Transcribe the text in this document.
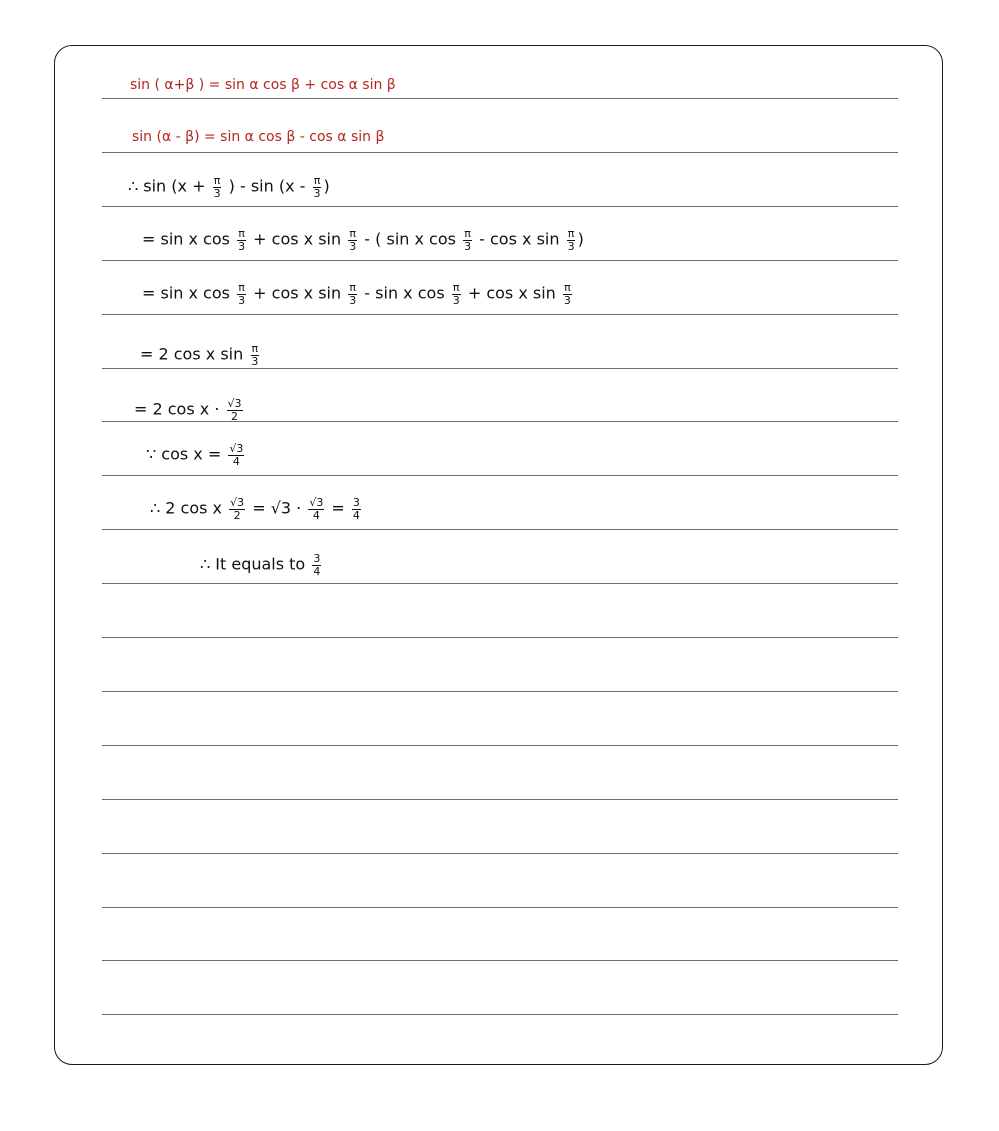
sin ( α+β ) = sin α cos β + cos α sin β
sin (α - β) = sin α cos β - cos α sin β
∴ $\sin (x + \frac{\pi}{3}$ ) - $\sin (x - \frac{\pi}{3}$ )
= sin x $\cos \frac{\pi}{3} + \cos x$ $\sin \frac{\pi}{3}$ - ( sin x $\cos \frac{\pi}{3}$ - cos x $\sin \frac{\pi}{3}$ )
= sin x $\cos \frac{\pi}{3} + \cos x$ $\sin \frac{\pi}{3}$ - sin x $\cos \frac{\pi}{3} + \cos x$ $\sin \frac{\pi}{3}$
= 2 cos x $\sin \frac{\pi}{3}$
= 2 $\cos x \cdot \frac{√3}{2}$
∵ $\cos x = \frac{√3}{4}$
∴ 2 cos x $\frac{√3}{2} = √3 \cdot \frac{√3}{4} = \frac{3}{4}$
∴ It equals to $\frac{3}{4}$
